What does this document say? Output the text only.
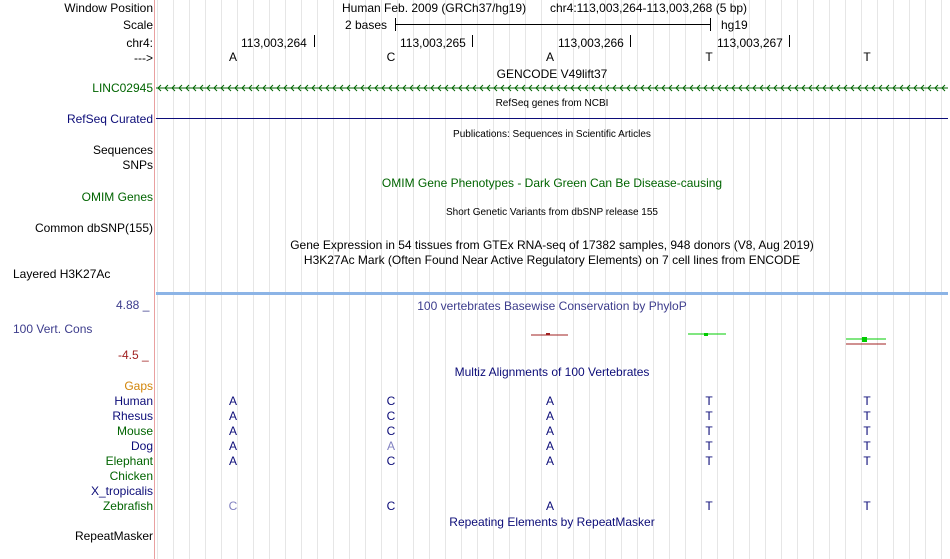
Window Position	Human Feb. 2009 (GRCh37/hg19) chr4:113,003,264-113,003,268 (5 bp)
Scale	2 bases	hg19
chr4:	113,003,264	113,003,265	113,003,266	113,003,267
--->	A	C	A	T	T
GENCODE V49lift37
LINC02945
RefSeq genes from NCBI
RefSeq Curated
Publications: Sequences in Scientific Articles
Sequences
SNPs
OMIM Gene Phenotypes - Dark Green Can Be Disease-causing
OMIM Genes
Short Genetic Variants from dbSNP release 155
Common dbSNP(155)
Gene Expression in 54 tissues from GTEx RNA-seq of 17382 samples, 948 donors (V8, Aug 2019)
H3K27Ac Mark (Often Found Near Active Regulatory Elements) on 7 cell lines from ENCODE
Layered H3K27Ac
4.88 _	100 vertebrates Basewise Conservation by PhyloP
100 Vert. Cons
-4.5 _
Multiz Alignments of 100 Vertebrates
Gaps
Human	A	C	A	T	T
Rhesus	A	C	A	T	T
Mouse	A	C	A	T	T
Dog	A	A	A	T	T
Elephant	A	C	A	T	T
Chicken
X_tropicalis
Zebrafish	C	C	A	T	T
Repeating Elements by RepeatMasker
RepeatMasker
